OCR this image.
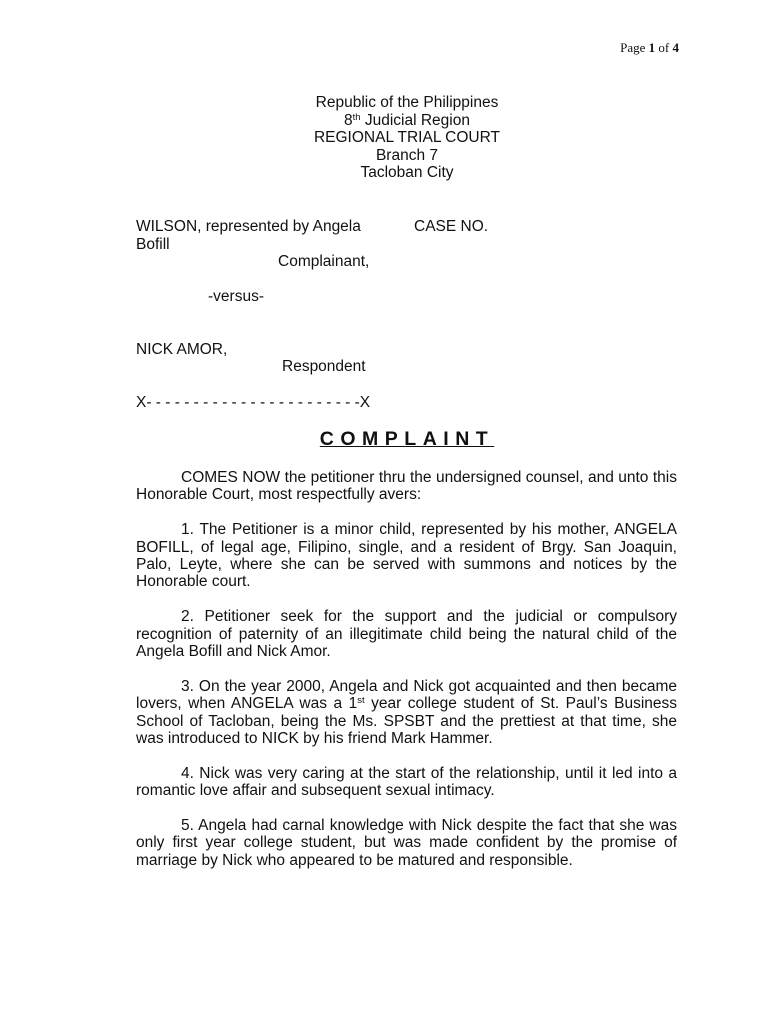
Page 1 of 4
Republic of the Philippines
8th Judicial Region
REGIONAL TRIAL COURT
Branch 7
Tacloban City
WILSON, represented by Angela	CASE NO.
Bofill
Complainant,
-versus-
NICK AMOR,
Respondent
X- - - - - - - - - - - - - - - - - - - - - - -X
COMPLAINT

COMES NOW the petitioner thru the undersigned counsel, and unto this Honorable Court, most respectfully avers:

1. The Petitioner is a minor child, represented by his mother, ANGELA BOFILL, of legal age, Filipino, single, and a resident of Brgy. San Joaquin, Palo, Leyte, where she can be served with summons and notices by the Honorable court.

2. Petitioner seek for the support and the judicial or compulsory recognition of paternity of an illegitimate child being the natural child of the Angela Bofill and Nick Amor.

3. On the year 2000, Angela and Nick got acquainted and then became lovers, when ANGELA was a 1st year college student of St. Paul’s Business School of Tacloban, being the Ms. SPSBT and the prettiest at that time, she was introduced to NICK by his friend Mark Hammer.

4. Nick was very caring at the start of the relationship, until it led into a romantic love affair and subsequent sexual intimacy.

5. Angela had carnal knowledge with Nick despite the fact that she was only first year college student, but was made confident by the promise of marriage by Nick who appeared to be matured and responsible.
